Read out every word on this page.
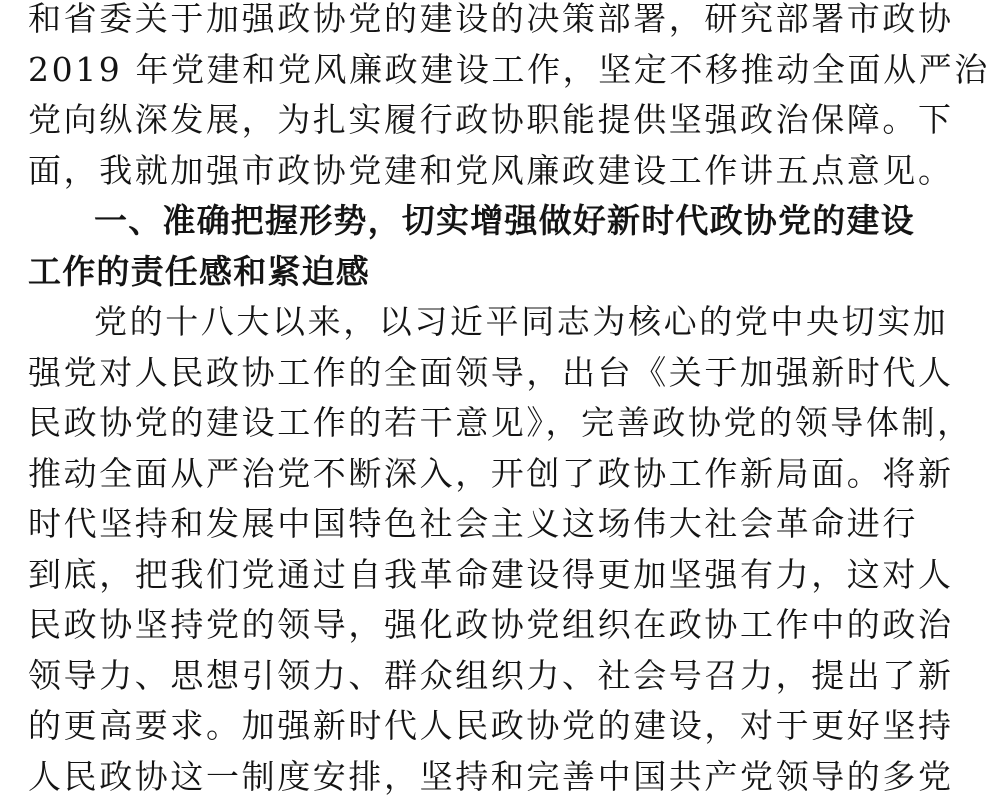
和省委关于加强政协党的建设的决策部署，研究部署市政协
2019 年党建和党风廉政建设工作，坚定不移推动全面从严治
党向纵深发展，为扎实履行政协职能提供坚强政治保障。下
面，我就加强市政协党建和党风廉政建设工作讲五点意见。
一、准确把握形势，切实增强做好新时代政协党的建设
工作的责任感和紧迫感
党的十八大以来，以习近平同志为核心的党中央切实加
强党对人民政协工作的全面领导，出台《关于加强新时代人
民政协党的建设工作的若干意见》，完善政协党的领导体制，
推动全面从严治党不断深入，开创了政协工作新局面。将新
时代坚持和发展中国特色社会主义这场伟大社会革命进行
到底，把我们党通过自我革命建设得更加坚强有力，这对人
民政协坚持党的领导，强化政协党组织在政协工作中的政治
领导力、思想引领力、群众组织力、社会号召力，提出了新
的更高要求。加强新时代人民政协党的建设，对于更好坚持
人民政协这一制度安排，坚持和完善中国共产党领导的多党
